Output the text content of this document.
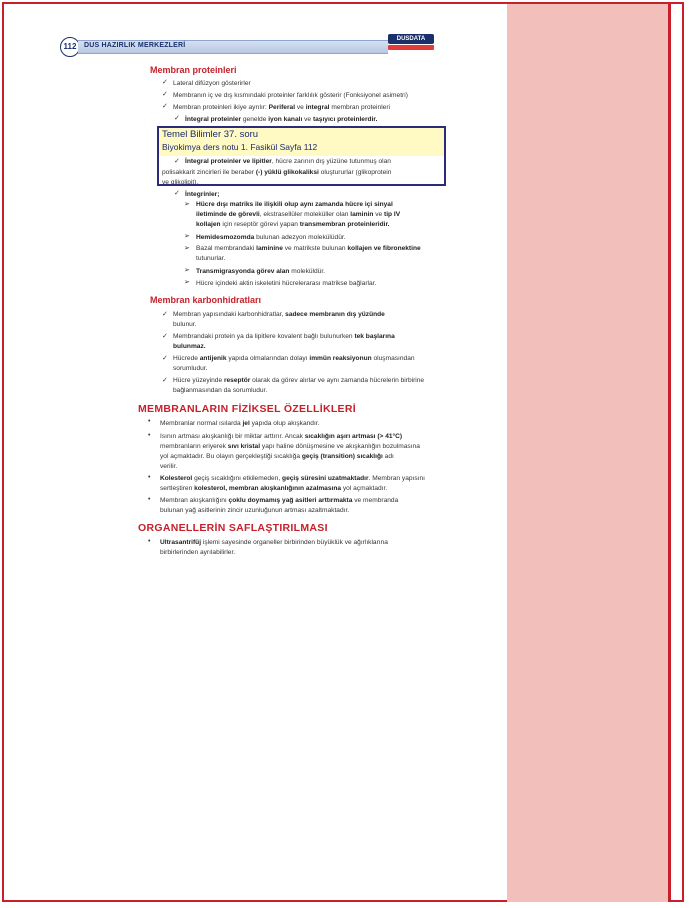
112	DUS HAZIRLIK MERKEZLERİ
DUSDATA
Membran proteinleri
✓ Lateral difüzyon gösterirler
✓ Membranın iç ve dış kısmındaki proteinler farklılık gösterir (Fonksiyonel asimetri)
✓ Membran proteinleri ikiye ayrılır: Periferal ve integral membran proteinleri
✓ İntegral proteinler genelde iyon kanalı ve taşıyıcı proteinlerdir.
Temel Bilimler 37. soru
Biyokimya ders notu 1. Fasikül Sayfa 112
✓ İntegral proteinler ve lipitler, hücre zarının dış yüzüne tutunmuş olan
polisakkarit zincirleri ile beraber (-) yüklü glikokaliksi oluştururlar (glikoprotein
ve glikolipit).
✓ İntegrinler;
➢ Hücre dışı matriks ile ilişkili olup aynı zamanda hücre içi sinyal
iletiminde de görevli, ekstrasellüler moleküller olan laminin ve tip IV
kollajen için reseptör görevi yapan transmembran proteinleridir.
➢ Hemidesmozomda bulunan adezyon molekülüdür.
➢ Bazal membrandaki laminine ve matrikste bulunan kollajen ve fibronektine
tutunurlar.
➢ Transmigrasyonda görev alan moleküldür.
➢ Hücre içindeki aktin iskeletini hücrelerarası matrikse bağlarlar.
Membran karbonhidratları
✓ Membran yapısındaki karbonhidratlar, sadece membranın dış yüzünde
bulunur.
✓ Membrandaki protein ya da lipitlere kovalent bağlı bulunurken tek başlarına
bulunmaz.
✓ Hücrede antijenik yapıda olmalarından dolayı immün reaksiyonun oluşmasından
sorumludur.
✓ Hücre yüzeyinde reseptör olarak da görev alırlar ve aynı zamanda hücrelerin birbirine
bağlanmasından da sorumludur.
MEMBRANLARIN FİZİKSEL ÖZELLİKLERİ
• Membranlar normal ısılarda jel yapıda olup akışkandır.
• Isının artması akışkanlığı bir miktar arttırır. Ancak sıcaklığın aşırı artması (> 41°C)
membranların eriyerek sıvı kristal yapı haline dönüşmesine ve akışkanlığın bozulmasına
yol açmaktadır. Bu olayın gerçekleştiği sıcaklığa geçiş (transition) sıcaklığı adı
verilir.
• Kolesterol geçiş sıcaklığını etkilemeden, geçiş süresini uzatmaktadır. Membran yapısını
sertleştiren kolesterol, membran akışkanlığının azalmasına yol açmaktadır.
• Membran akışkanlığını çoklu doymamış yağ asitleri arttırmakta ve membranda
bulunan yağ asitlerinin zincir uzunluğunun artması azaltmaktadır.
ORGANELLERİN SAFLAŞTIRILMASI
• Ultrasantrifüj işlemi sayesinde organeller birbirinden büyüklük ve ağırlıklarına
birbirlerinden ayrılabilirler.
